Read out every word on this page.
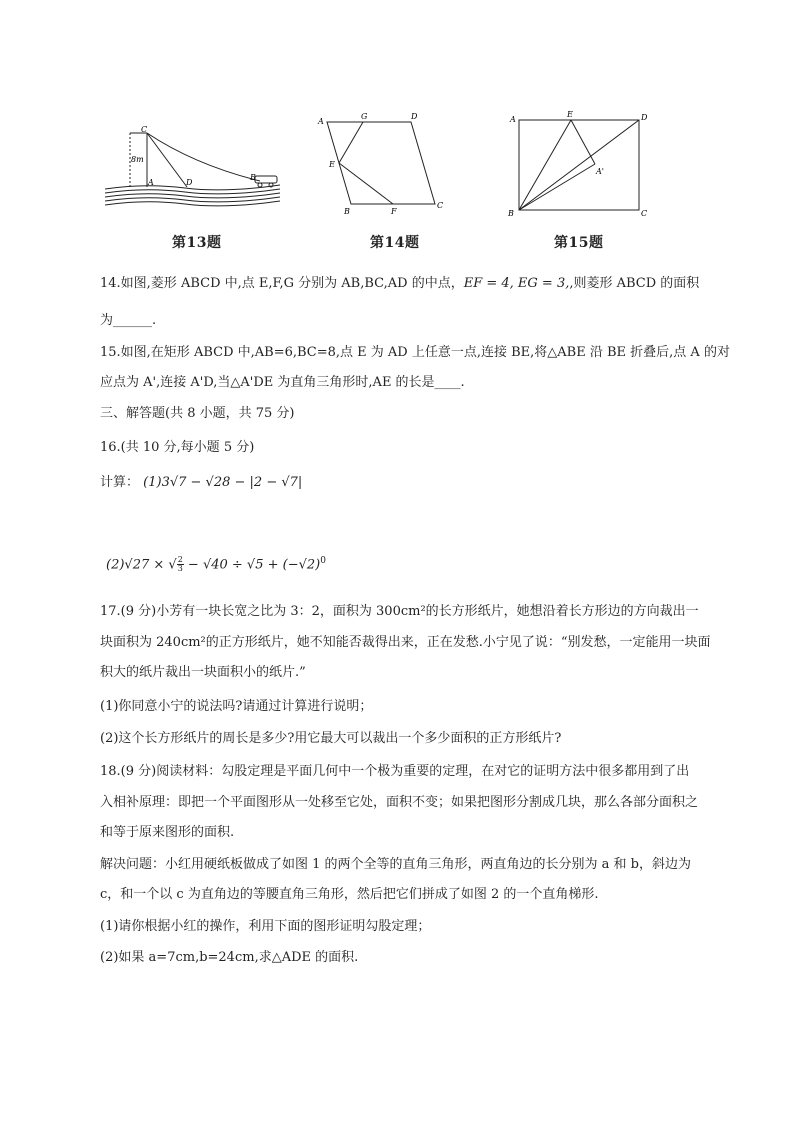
C
8m
A	D
B
第13题
A
G	D
E
B	F
C
第14题
A
E	D
A'
B	C
第15题
14.如图,菱形 ABCD 中,点 E,F,G 分别为 AB,BC,AD 的中点，EF = 4, EG = 3,,则菱形 ABCD 的面积
为______.
15.如图,在矩形 ABCD 中,AB=6,BC=8,点 E 为 AD 上任意一点,连接 BE,将△ABE 沿 BE 折叠后,点 A 的对
应点为 A',连接 A'D,当△A'DE 为直角三角形时,AE 的长是____.
三、解答题(共 8 小题，共 75 分)
16.(共 10 分,每小题 5 分)
计算： (1)3√7 − √28 − |2 − √7|
(2)√27 × √ $\frac{2}{3} - √40 \div √5 + (-√2)^0$
17.(9 分)小芳有一块长宽之比为 3：2，面积为 300cm²的长方形纸片，她想沿着长方形边的方向裁出一
块面积为 240cm²的正方形纸片，她不知能否裁得出来，正在发愁.小宁见了说：“别发愁，一定能用一块面
积大的纸片裁出一块面积小的纸片.”
(1)你同意小宁的说法吗?请通过计算进行说明；
(2)这个长方形纸片的周长是多少?用它最大可以裁出一个多少面积的正方形纸片?
18.(9 分)阅读材料：勾股定理是平面几何中一个极为重要的定理，在对它的证明方法中很多都用到了出
入相补原理：即把一个平面图形从一处移至它处，面积不变；如果把图形分割成几块，那么各部分面积之
和等于原来图形的面积.
解决问题：小红用硬纸板做成了如图 1 的两个全等的直角三角形，两直角边的长分别为 a 和 b，斜边为
c，和一个以 c 为直角边的等腰直角三角形，然后把它们拼成了如图 2 的一个直角梯形.
(1)请你根据小红的操作，利用下面的图形证明勾股定理；
(2)如果 a=7cm,b=24cm,求△ADE 的面积.
